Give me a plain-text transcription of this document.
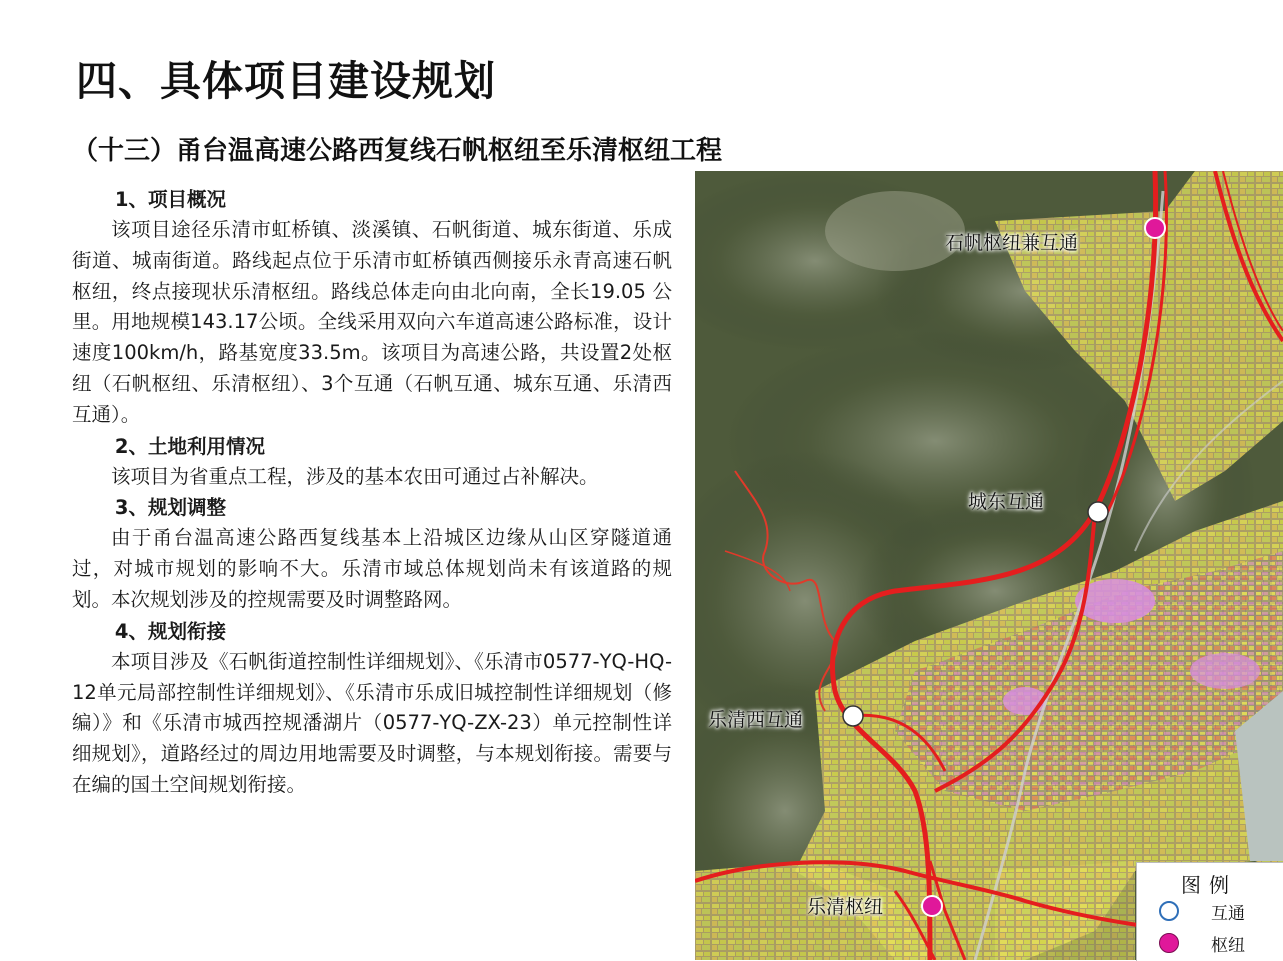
四、具体项目建设规划
（十三）甬台温高速公路西复线石帆枢纽至乐清枢纽工程
1、项目概况

该项目途径乐清市虹桥镇、淡溪镇、石帆街道、城东街道、乐成街道、城南街道。路线起点位于乐清市虹桥镇西侧接乐永青高速石帆枢纽，终点接现状乐清枢纽。路线总体走向由北向南，全长19.05 公里。用地规模143.17公顷。全线采用双向六车道高速公路标准，设计速度100km/h，路基宽度33.5m。该项目为高速公路，共设置2处枢纽（石帆枢纽、乐清枢纽）、3个互通（石帆互通、城东互通、乐清西互通）。

2、土地利用情况

该项目为省重点工程，涉及的基本农田可通过占补解决。

3、规划调整

由于甬台温高速公路西复线基本上沿城区边缘从山区穿隧道通过，对城市规划的影响不大。乐清市域总体规划尚未有该道路的规划。本次规划涉及的控规需要及时调整路网。

4、规划衔接

本项目涉及《石帆街道控制性详细规划》、《乐清市0577-YQ-HQ-12单元局部控制性详细规划》、《乐清市乐成旧城控制性详细规划（修编）》和《乐清市城西控规潘湖片（0577-YQ-ZX-23）单元控制性详细规划》，道路经过的周边用地需要及时调整，与本规划衔接。需要与在编的国土空间规划衔接。

石帆枢纽兼互通
城东互通
乐清西互通
乐清枢纽
图例
互通
枢纽
